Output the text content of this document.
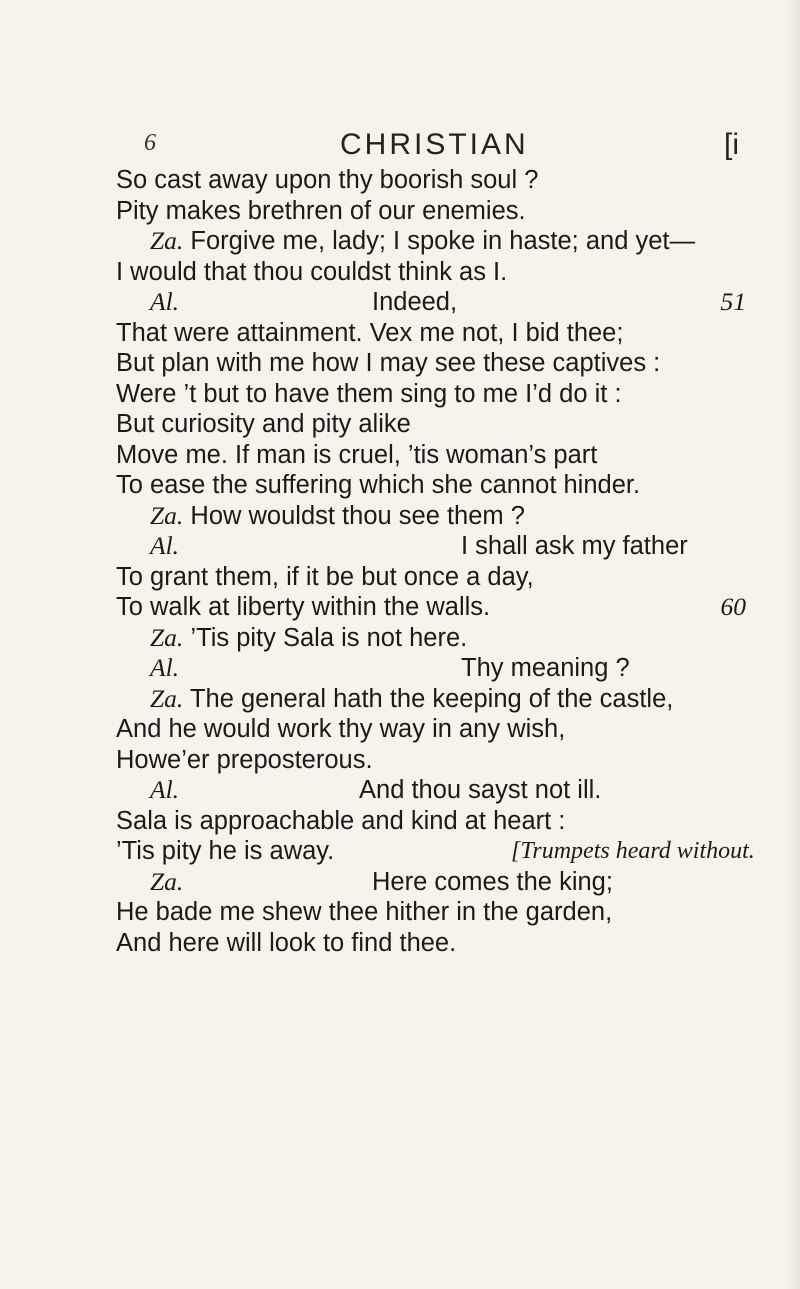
6	CHRISTIAN	[i
So cast away upon thy boorish soul ?
Pity makes brethren of our enemies.
Za. Forgive me, lady; I spoke in haste; and yet—
I would that thou couldst think as I.
Al.	Indeed,	51
That were attainment. Vex me not, I bid thee;
But plan with me how I may see these captives :
Were ’t but to have them sing to me I’d do it :
But curiosity and pity alike
Move me. If man is cruel, ’tis woman’s part
To ease the suffering which she cannot hinder.
Za. How wouldst thou see them ?
Al.	I shall ask my father
To grant them, if it be but once a day,
To walk at liberty within the walls.	60
Za. ’Tis pity Sala is not here.
Al.	Thy meaning ?
Za. The general hath the keeping of the castle,
And he would work thy way in any wish,
Howe’er preposterous.
Al.	And thou sayst not ill.
Sala is approachable and kind at heart :
’Tis pity he is away.	[Trumpets heard without.
Za.	Here comes the king;
He bade me shew thee hither in the garden,
And here will look to find thee.
